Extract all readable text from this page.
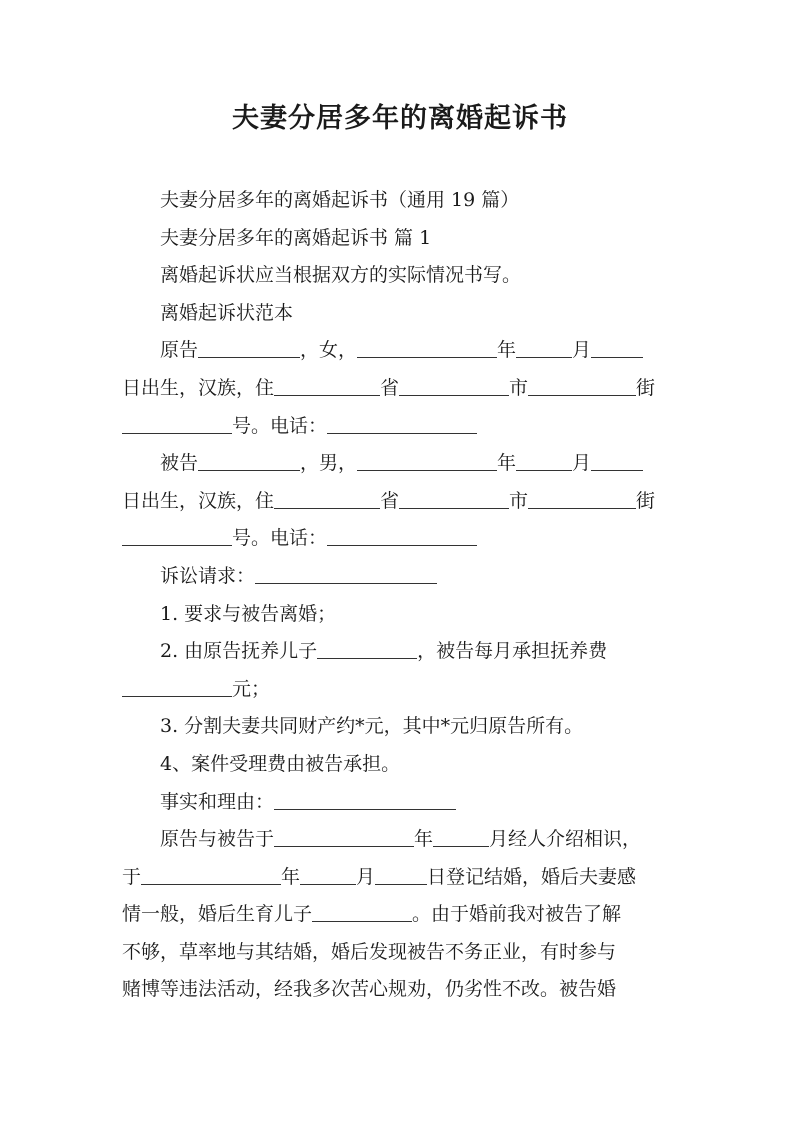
夫妻分居多年的离婚起诉书

夫妻分居多年的离婚起诉书（通用 19 篇）

夫妻分居多年的离婚起诉书 篇 1

离婚起诉状应当根据双方的实际情况书写。

离婚起诉状范本

原告	，女，	年	月
日出生，汉族，住	省	市	街
号。电话：
被告	，男，	年	月
日出生，汉族，住	省	市	街
号。电话：

诉讼请求：

1. 要求与被告离婚；

2. 由原告抚养儿子	，被告每月承担抚养费
元；

3. 分割夫妻共同财产约*元，其中*元归原告所有。

4、案件受理费由被告承担。

事实和理由：

原告与被告于	年	月经人介绍相识，
于	年	月	日登记结婚，婚后夫妻感
情一般，婚后生育儿子	。由于婚前我对被告了解
不够，草率地与其结婚，婚后发现被告不务正业，有时参与
赌博等违法活动，经我多次苦心规劝，仍劣性不改。被告婚
